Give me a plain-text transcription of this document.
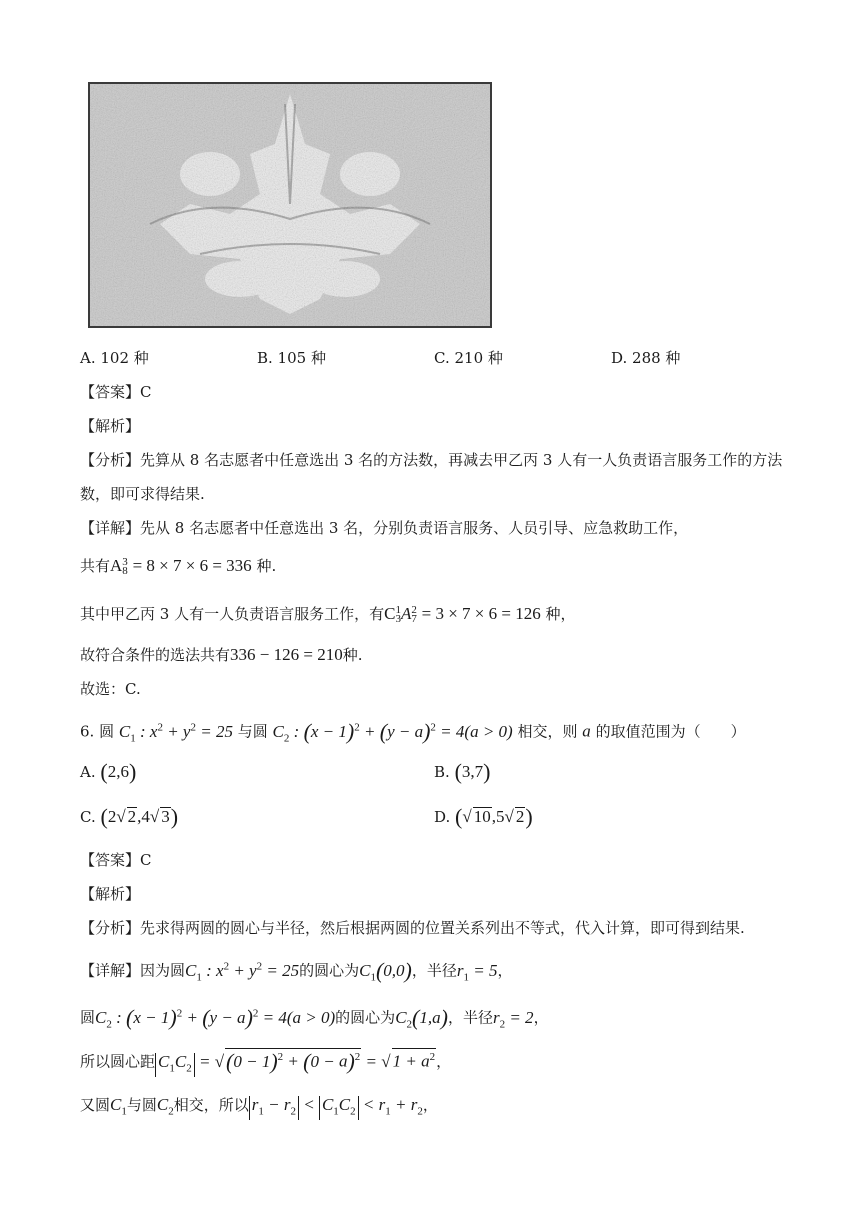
A. 102 种	B. 105 种	C. 210 种	D. 288 种
【答案】C
【解析】
【分析】先算从 8 名志愿者中任意选出 3 名的方法数，再减去甲乙丙 3 人有一人负责语言服务工作的方法
数，即可求得结果.
【详解】先从 8 名志愿者中任意选出 3 名，分别负责语言服务、人员引导、应急救助工作，
共有A 3
8 = 8 × 7 × 6 = 336 种.
其中甲乙丙 3 人有一人负责语言服务工作，有C 1
3 A 2
7 = 3 × 7 × 6 = 126 种，
故符合条件的选法共有336 − 126 = 210种.
故选：C.
6. 圆 $C_1$ : $x^2 + y^2 = 25$ 与圆 $C_2$ : $(x - 1)^2 + (y - a)^2 = 4(a > 0)$ 相交，则 a 的取值范围为（　　）
A. (2,6)	B. (3,7)
C. (2√ 2,4√ 3)	D. (√ 10,5√ 2)
【答案】C
【解析】
【分析】先求得两圆的圆心与半径，然后根据两圆的位置关系列出不等式，代入计算，即可得到结果.
【详解】因为圆$C_1$ : $x^2 + y^2 = 25$的圆心为$C_1(0,0)$，半径$r_1 = 5$，
圆$C_2$ : $(x - 1)^2 + (y - a)^2 = 4(a > 0)$的圆心为$C_2(1,a)$，半径$r_2 = 2$，
所以圆心距 $C_1C_2 = √(0 - 1)^2 + (0 - a)^2$ = √ $1 + a^2$，
又圆$C_1$与圆$C_2$相交，所以 $r_1 - r_2 < C_1C_2 < r_1 + r_2$，
